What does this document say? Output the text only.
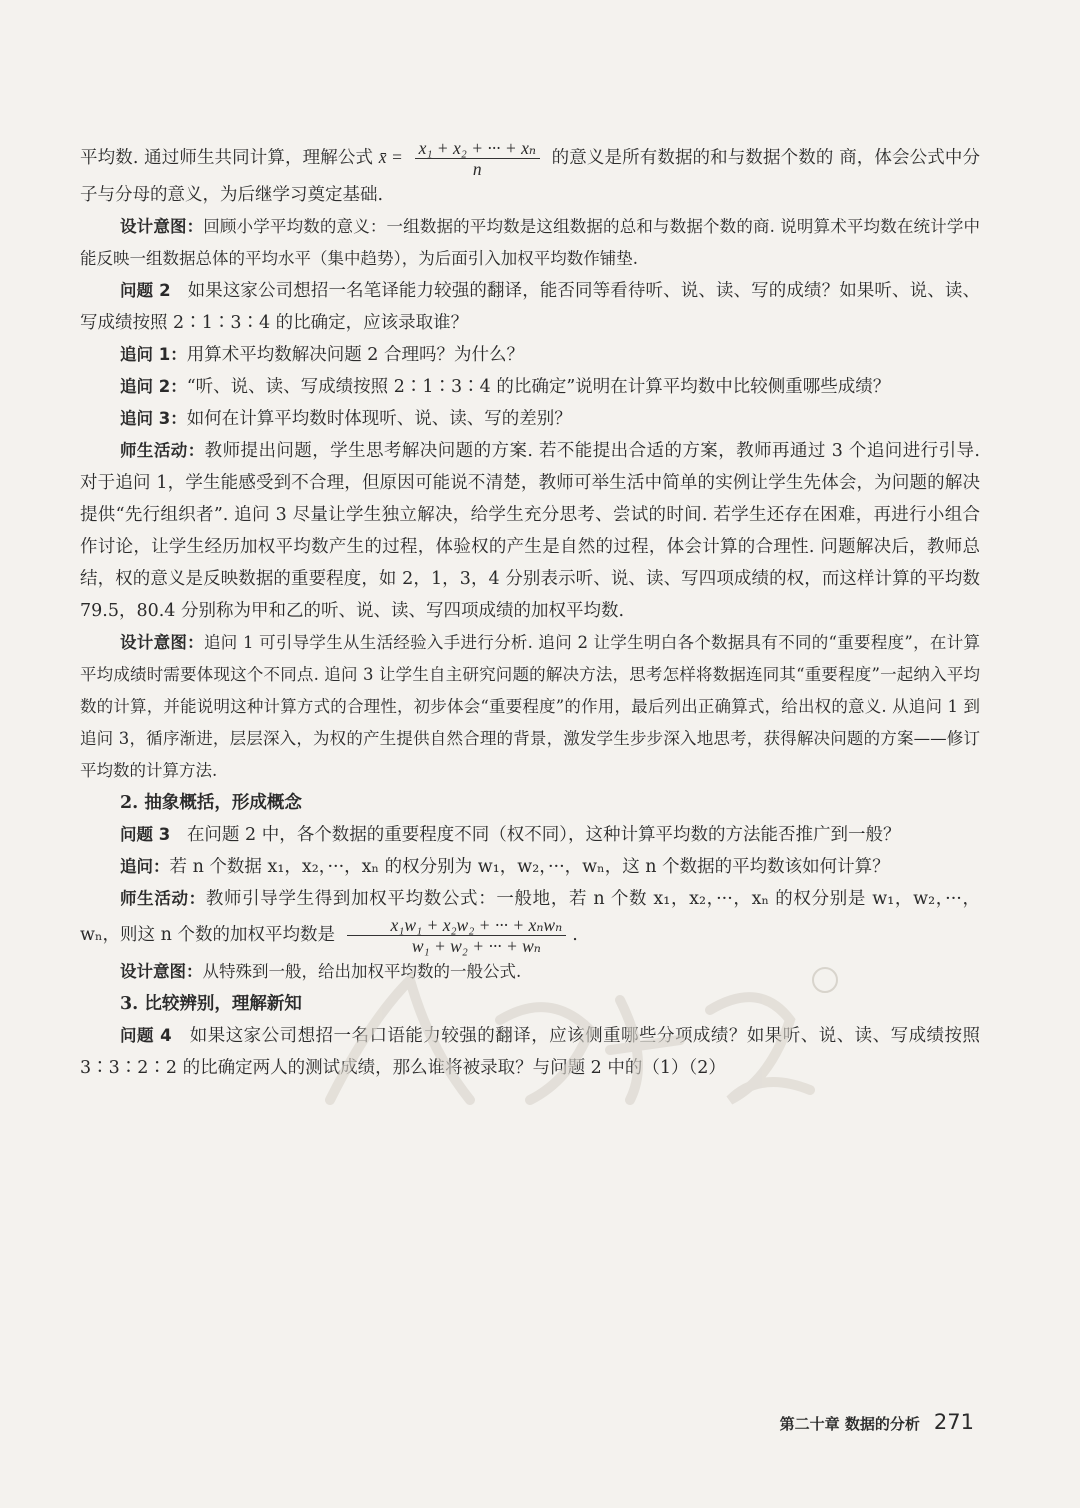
平均数. 通过师生共同计算，理解公式 x̄ = $\frac{\text{x₁ + x₂ + ··· + xₙ}}{n}$ 的意义是所有数据的和与数据个数的 商，体会公式中分子与分母的意义，为后继学习奠定基础.

设计意图：回顾小学平均数的意义：一组数据的平均数是这组数据的总和与数据个数的商. 说明算术平均数在统计学中能反映一组数据总体的平均水平（集中趋势），为后面引入加权平均数作铺垫.

问题 2 如果这家公司想招一名笔译能力较强的翻译，能否同等看待听、说、读、写的成绩？如果听、说、读、写成绩按照 2∶1∶3∶4 的比确定，应该录取谁？

追问 1：用算术平均数解决问题 2 合理吗？为什么？

追问 2：“听、说、读、写成绩按照 2∶1∶3∶4 的比确定”说明在计算平均数中比较侧重哪些成绩？

追问 3：如何在计算平均数时体现听、说、读、写的差别？

师生活动：教师提出问题，学生思考解决问题的方案. 若不能提出合适的方案，教师再通过 3 个追问进行引导. 对于追问 1，学生能感受到不合理，但原因可能说不清楚，教师可举生活中简单的实例让学生先体会，为问题的解决提供“先行组织者”. 追问 3 尽量让学生独立解决，给学生充分思考、尝试的时间. 若学生还存在困难，再进行小组合作讨论，让学生经历加权平均数产生的过程，体验权的产生是自然的过程，体会计算的合理性. 问题解决后，教师总结，权的意义是反映数据的重要程度，如 2，1，3，4 分别表示听、说、读、写四项成绩的权，而这样计算的平均数 79.5，80.4 分别称为甲和乙的听、说、读、写四项成绩的加权平均数.

设计意图：追问 1 可引导学生从生活经验入手进行分析. 追问 2 让学生明白各个数据具有不同的“重要程度”，在计算平均成绩时需要体现这个不同点. 追问 3 让学生自主研究问题的解决方法，思考怎样将数据连同其“重要程度”一起纳入平均数的计算，并能说明这种计算方式的合理性，初步体会“重要程度”的作用，最后列出正确算式，给出权的意义. 从追问 1 到追问 3，循序渐进，层层深入，为权的产生提供自然合理的背景，激发学生步步深入地思考，获得解决问题的方案——修订平均数的计算方法.

2. 抽象概括，形成概念

问题 3 在问题 2 中，各个数据的重要程度不同（权不同），这种计算平均数的方法能否推广到一般？

追问：若 n 个数据 x₁，x₂，···，xₙ 的权分别为 w₁，w₂，···，wₙ，这 n 个数据的平均数该如何计算？

师生活动：教师引导学生得到加权平均数公式：一般地，若 n 个数 x₁，x₂，···，xₙ 的权分别是 w₁，w₂，···，wₙ，则这 n 个数的加权平均数是 $\frac{\text{x₁w₁ + x₂w₂ + ··· + xₙwₙ}}{\text{w₁ + w₂ + ··· + wₙ}}$ .

设计意图：从特殊到一般，给出加权平均数的一般公式.

3. 比较辨别，理解新知

问题 4 如果这家公司想招一名口语能力较强的翻译，应该侧重哪些分项成绩？如果听、说、读、写成绩按照 3∶3∶2∶2 的比确定两人的测试成绩，那么谁将被录取？与问题 2 中的（1）（2）

第二十章 数据的分析 271
